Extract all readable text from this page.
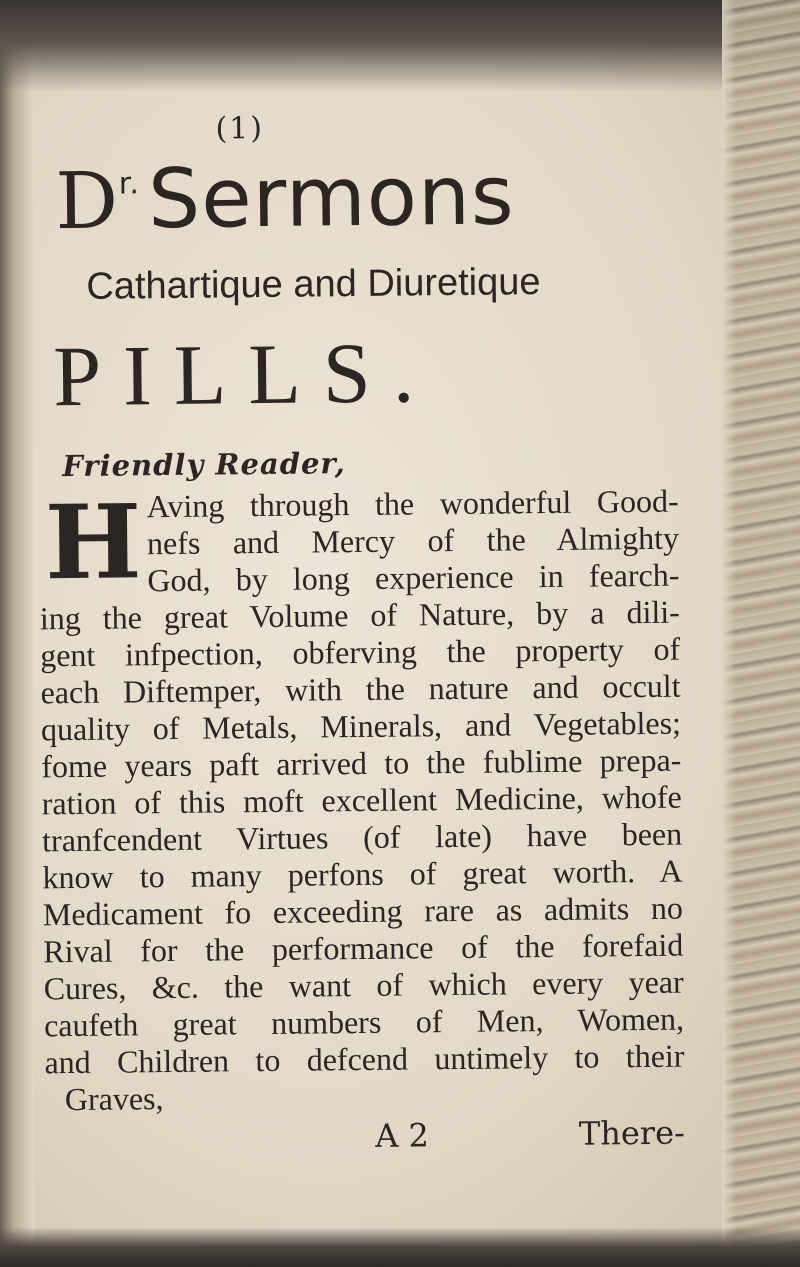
(1)
$D^{r.}Sermons$
Cathartique and Diuretique
PILLS.
Friendly Reader,
H Aving through the wonderful Good-
nefs and Mercy of the Almighty
God, by long experience in fearch-
ing the great Volume of Nature, by a dili-
gent infpection, obferving the property of
each Diftemper, with the nature and occult
quality of Metals, Minerals, and Vegetables;
fome years paft arrived to the fublime prepa-
ration of this moft excellent Medicine, whofe
tranfcendent Virtues (of late) have been
know to many perfons of great worth. A
Medicament fo exceeding rare as admits no
Rival for the performance of the forefaid
Cures, &c. the want of which every year
caufeth great numbers of Men, Women,
and Children to defcend untimely to their
Graves,
A 2	There-
